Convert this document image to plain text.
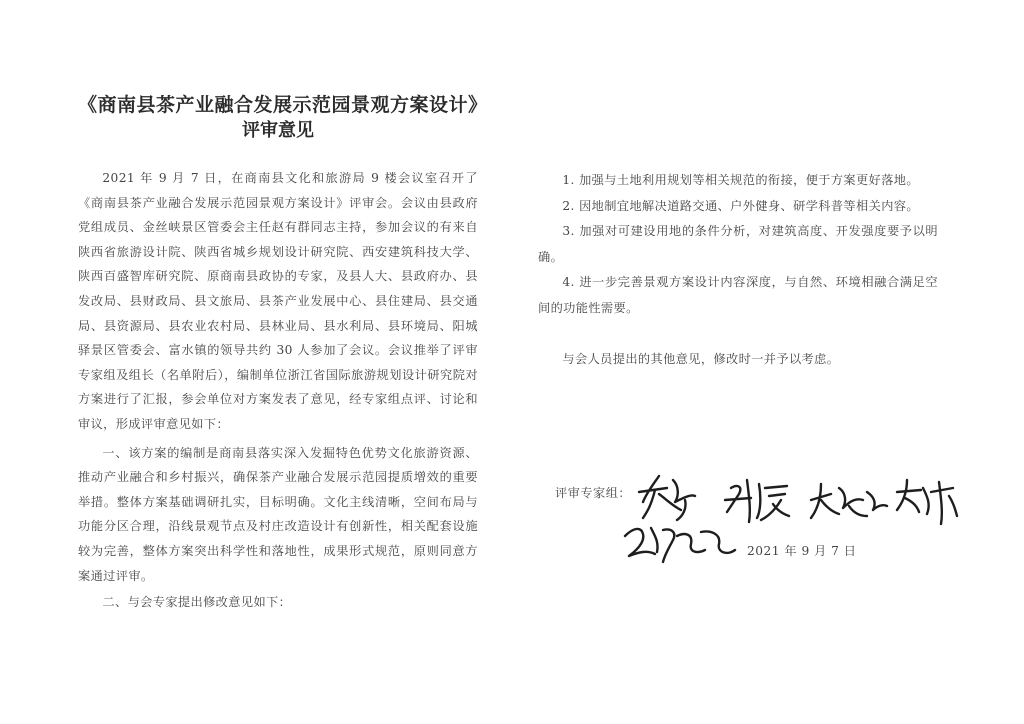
《商南县茶产业融合发展示范园景观方案设计》
评审意见

2021 年 9 月 7 日，在商南县文化和旅游局 9 楼会议室召开了《商南县茶产业融合发展示范园景观方案设计》评审会。会议由县政府党组成员、金丝峡景区管委会主任赵有群同志主持，参加会议的有来自陕西省旅游设计院、陕西省城乡规划设计研究院、西安建筑科技大学、陕西百盛智库研究院、原商南县政协的专家，及县人大、县政府办、县发改局、县财政局、县文旅局、县茶产业发展中心、县住建局、县交通局、县资源局、县农业农村局、县林业局、县水利局、县环境局、阳城驿景区管委会、富水镇的领导共约 30 人参加了会议。会议推举了评审专家组及组长（名单附后），编制单位浙江省国际旅游规划设计研究院对方案进行了汇报，参会单位对方案发表了意见，经专家组点评、讨论和审议，形成评审意见如下：

一、该方案的编制是商南县落实深入发掘特色优势文化旅游资源、推动产业融合和乡村振兴，确保茶产业融合发展示范园提质增效的重要举措。整体方案基础调研扎实，目标明确。文化主线清晰，空间布局与功能分区合理，沿线景观节点及村庄改造设计有创新性，相关配套设施较为完善，整体方案突出科学性和落地性，成果形式规范，原则同意方案通过评审。

二、与会专家提出修改意见如下：

1. 加强与土地利用规划等相关规范的衔接，便于方案更好落地。

2. 因地制宜地解决道路交通、户外健身、研学科普等相关内容。

3. 加强对可建设用地的条件分析，对建筑高度、开发强度要予以明确。

4. 进一步完善景观方案设计内容深度，与自然、环境相融合满足空间的功能性需要。

与会人员提出的其他意见，修改时一并予以考虑。

评审专家组：
2021 年 9 月 7 日
